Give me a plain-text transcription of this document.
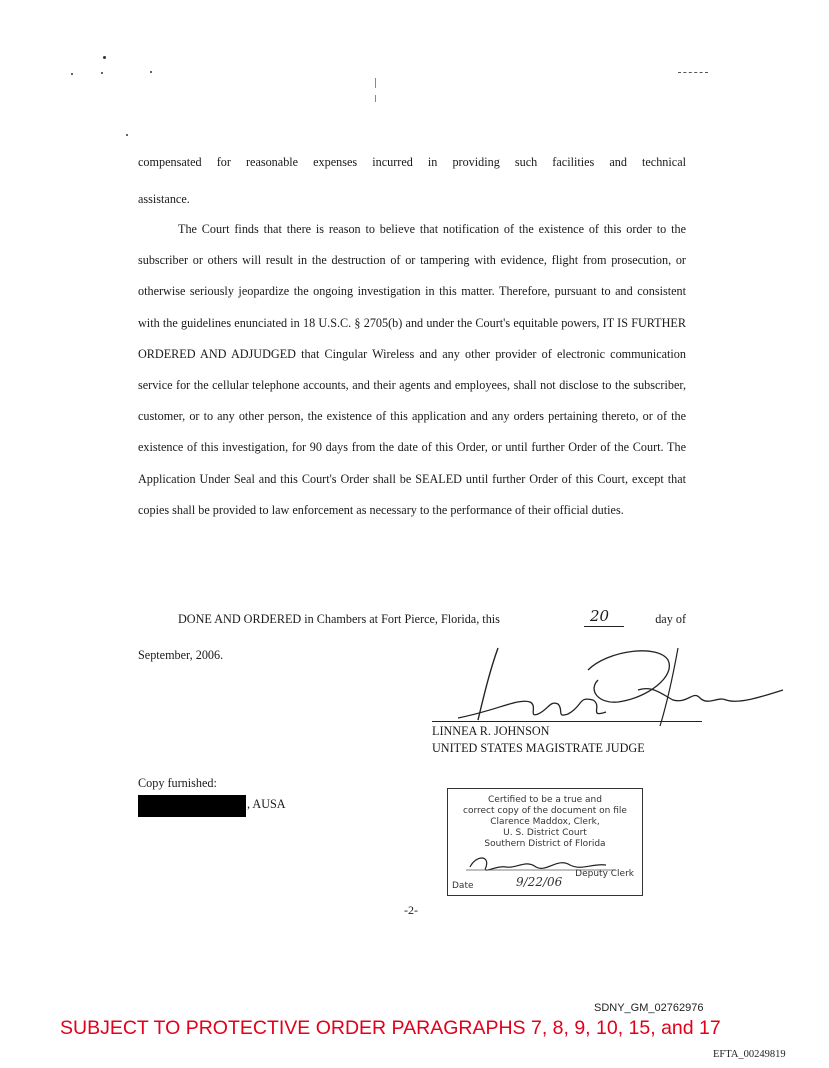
compensated for reasonable expenses incurred in providing such facilities and technical
assistance.

The Court finds that there is reason to believe that notification of the existence of this order to the subscriber or others will result in the destruction of or tampering with evidence, flight from prosecution, or otherwise seriously jeopardize the ongoing investigation in this matter. Therefore, pursuant to and consistent with the guidelines enunciated in 18 U.S.C. § 2705(b) and under the Court's equitable powers, IT IS FURTHER ORDERED AND ADJUDGED that Cingular Wireless and any other provider of electronic communication service for the cellular telephone accounts, and their agents and employees, shall not disclose to the subscriber, customer, or to any other person, the existence of this application and any orders pertaining thereto, or of the existence of this investigation, for 90 days from the date of this Order, or until further Order of the Court. The Application Under Seal and this Court's Order shall be SEALED until further Order of this Court, except that copies shall be provided to law enforcement as necessary to the performance of their official duties.

DONE AND ORDERED in Chambers at Fort Pierce, Florida, this	day of
20
September, 2006.
LINNEA R. JOHNSON
UNITED STATES MAGISTRATE JUDGE
Copy furnished:
, AUSA	Certified to be a true and
correct copy of the document on file
Clarence Maddox, Clerk,
U. S. District Court
Southern District of Florida
Deputy Clerk
Date	9/22/06
-2-
SDNY_GM_02762976
SUBJECT TO PROTECTIVE ORDER PARAGRAPHS 7, 8, 9, 10, 15, and 17
EFTA_00249819
